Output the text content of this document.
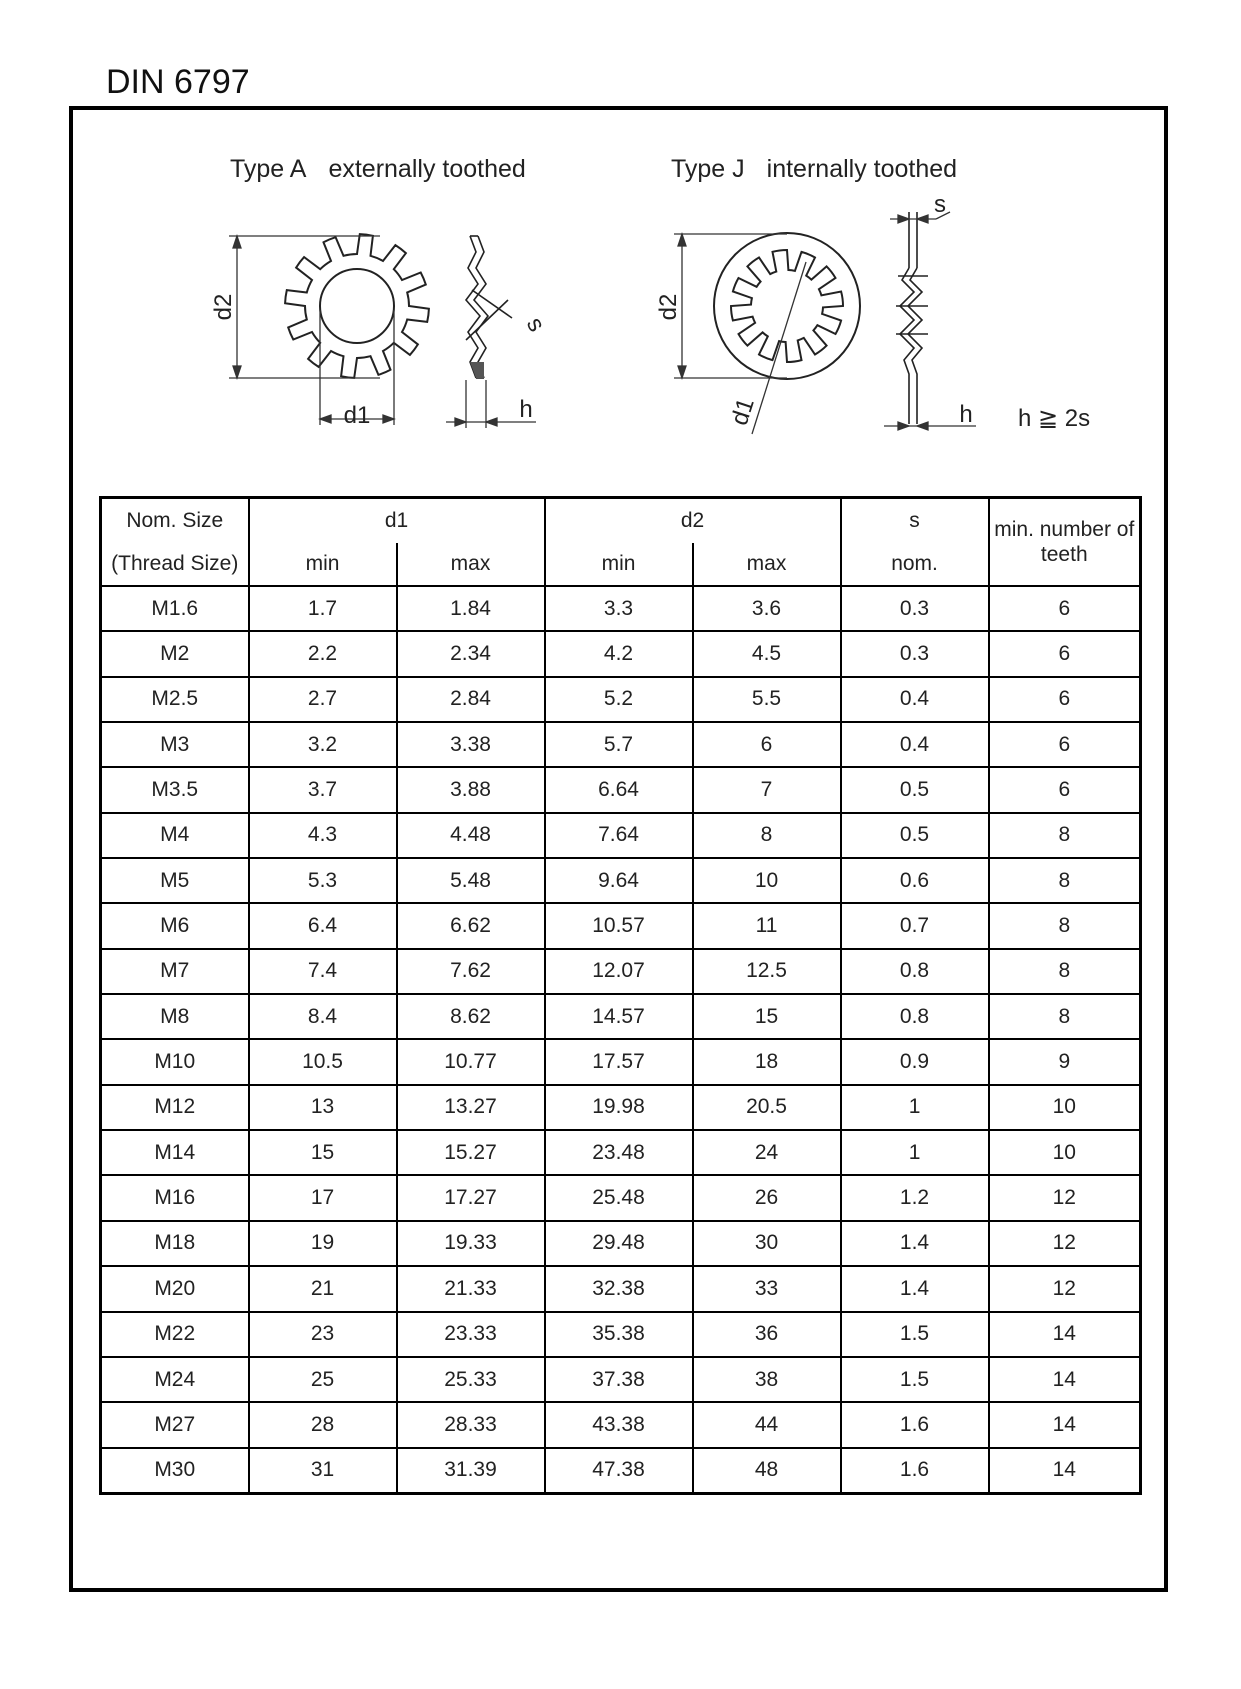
DIN 6797
Type A externally toothed	Type J internally toothed
d2
d1
s
h
d2
d1
s
h h ≧ 2s
Nom. Size	d1		d2		s	min. number of teeth
(Thread Size)	min	max	min	max	nom.	
M1.6	1.7	1.84	3.3	3.6	0.3	6
M2	2.2	2.34	4.2	4.5	0.3	6
M2.5	2.7	2.84	5.2	5.5	0.4	6
M3	3.2	3.38	5.7	6	0.4	6
M3.5	3.7	3.88	6.64	7	0.5	6
M4	4.3	4.48	7.64	8	0.5	8
M5	5.3	5.48	9.64	10	0.6	8
M6	6.4	6.62	10.57	11	0.7	8
M7	7.4	7.62	12.07	12.5	0.8	8
M8	8.4	8.62	14.57	15	0.8	8
M10	10.5	10.77	17.57	18	0.9	9
M12	13	13.27	19.98	20.5	1	10
M14	15	15.27	23.48	24	1	10
M16	17	17.27	25.48	26	1.2	12
M18	19	19.33	29.48	30	1.4	12
M20	21	21.33	32.38	33	1.4	12
M22	23	23.33	35.38	36	1.5	14
M24	25	25.33	37.38	38	1.5	14
M27	28	28.33	43.38	44	1.6	14
M30	31	31.39	47.38	48	1.6	14
